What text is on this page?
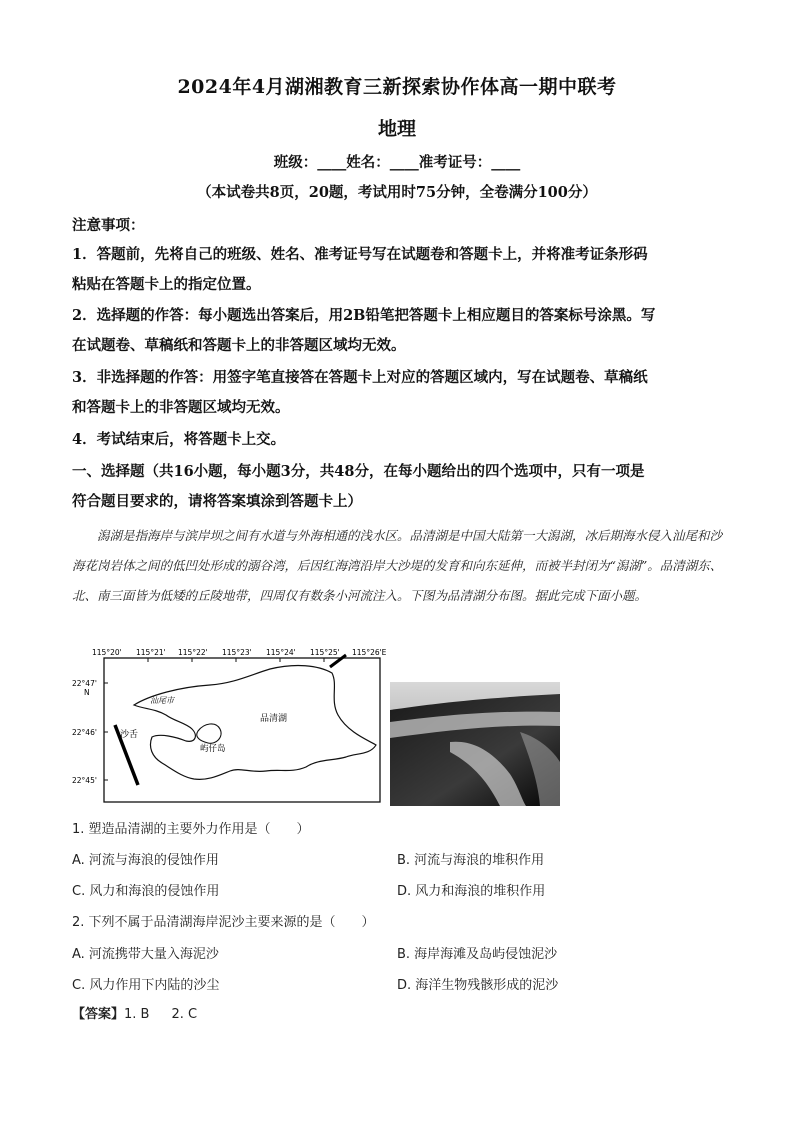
2024年4月湖湘教育三新探索协作体高一期中联考
地理
班级：____姓名：____准考证号：____
（本试卷共8页，20题，考试用时75分钟，全卷满分100分）
注意事项：
1．答题前，先将自己的班级、姓名、准考证号写在试题卷和答题卡上，并将准考证条形码
粘贴在答题卡上的指定位置。
2．选择题的作答：每小题选出答案后，用2B铅笔把答题卡上相应题目的答案标号涂黑。写
在试题卷、草稿纸和答题卡上的非答题区域均无效。
3．非选择题的作答：用签字笔直接答在答题卡上对应的答题区域内，写在试题卷、草稿纸
和答题卡上的非答题区域均无效。
4．考试结束后，将答题卡上交。
一、选择题（共16小题，每小题3分，共48分，在每小题给出的四个选项中，只有一项是
符合题目要求的，请将答案填涂到答题卡上）
潟湖是指海岸与滨岸坝之间有水道与外海相通的浅水区。品清湖是中国大陆第一大潟湖，冰后期海水侵入汕尾和沙海花岗岩体之间的低凹处形成的溺谷湾，后因红海湾沿岸大沙堤的发育和向东延伸，而被半封闭为“潟湖”。品清湖东、北、南三面皆为低矮的丘陵地带，四周仅有数条小河流注入。下图为品清湖分布图。据此完成下面小题。
115°20' 115°21' 115°22' 115°23' 115°24' 115°25' 115°26'E
22°47'
N
22°46'
22°45'
汕尾市
品清湖
屿仔岛
沙舌
1. 塑造品清湖的主要外力作用是（　　）
A. 河流与海浪的侵蚀作用	B. 河流与海浪的堆积作用
C. 风力和海浪的侵蚀作用	D. 风力和海浪的堆积作用
2. 下列不属于品清湖海岸泥沙主要来源的是（　　）
A. 河流携带大量入海泥沙	B. 海岸海滩及岛屿侵蚀泥沙
C. 风力作用下内陆的沙尘	D. 海洋生物残骸形成的泥沙
【答案】1. B 2. C
